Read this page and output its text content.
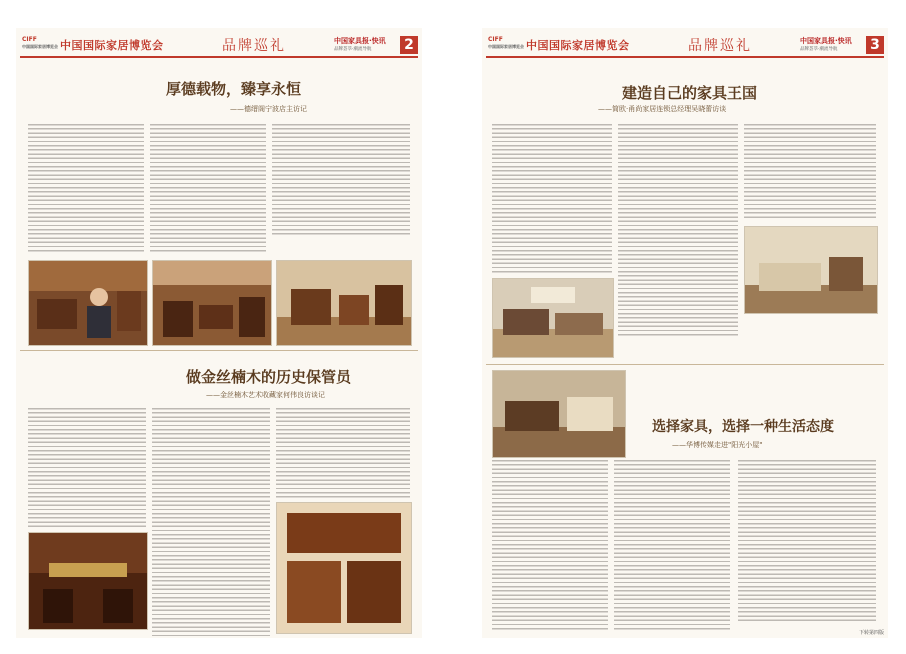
CIFF
中国国际家居博览会 中国国际家居博览会	品牌巡礼	中国家具报·快讯
品牌荟萃·潮流导航 2
厚德载物，臻享永恒
——德缙阁宁波店主访记
做金丝楠木的历史保管员
——金丝楠木艺术收藏家何伟良访谈记
CIFF
中国国际家居博览会 中国国际家居博览会	品牌巡礼	中国家具报·快讯
品牌荟萃·潮流导航 3
建造自己的家具王国
——简欧·甬尚家居连锁总经理吴晓蕾访谈
选择家具，选择一种生活态度
——华博传媒走进"阳光小屋"
下转第四版
